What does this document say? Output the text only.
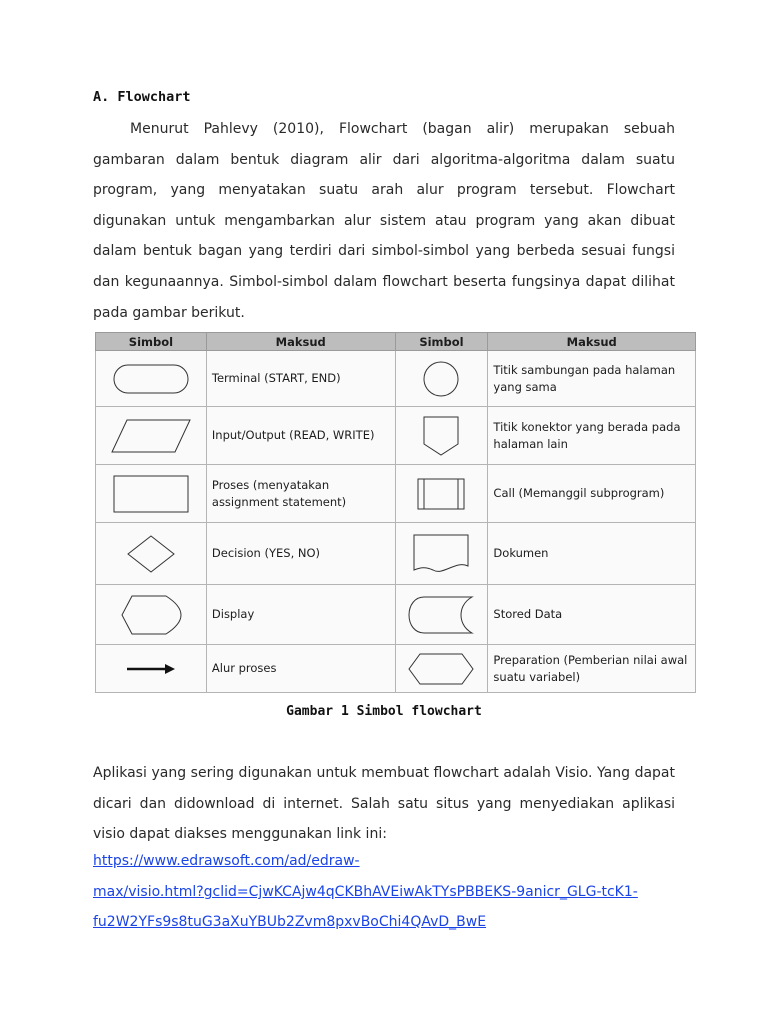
A. Flowchart

Menurut Pahlevy (2010), Flowchart (bagan alir) merupakan sebuah gambaran dalam bentuk diagram alir dari algoritma-algoritma dalam suatu program, yang menyatakan suatu arah alur program tersebut. Flowchart digunakan untuk mengambarkan alur sistem atau program yang akan dibuat dalam bentuk bagan yang terdiri dari simbol-simbol yang berbeda sesuai fungsi dan kegunaannya. Simbol-simbol dalam flowchart beserta fungsinya dapat dilihat pada gambar berikut.

Simbol	Maksud	Simbol	Maksud

	Terminal (START, END)		Titik sambungan pada halaman yang sama

	Input/Output (READ, WRITE)		Titik konektor yang berada pada halaman lain

	Proses (menyatakan assignment statement)		Call (Memanggil subprogram)

	Decision (YES, NO)		Dokumen

	Display		Stored Data

	Alur proses		Preparation (Pemberian nilai awal suatu variabel)
Gambar 1 Simbol flowchart

Aplikasi yang sering digunakan untuk membuat flowchart adalah Visio. Yang dapat dicari dan didownload di internet. Salah satu situs yang menyediakan aplikasi visio dapat diakses menggunakan link ini:

https://www.edrawsoft.com/ad/edraw-
max/visio.html?gclid=CjwKCAjw4qCKBhAVEiwAkTYsPBBEKS-9anicr_GLG-tcK1-
fu2W2YFs9s8tuG3aXuYBUb2Zvm8pxvBoChi4QAvD_BwE
